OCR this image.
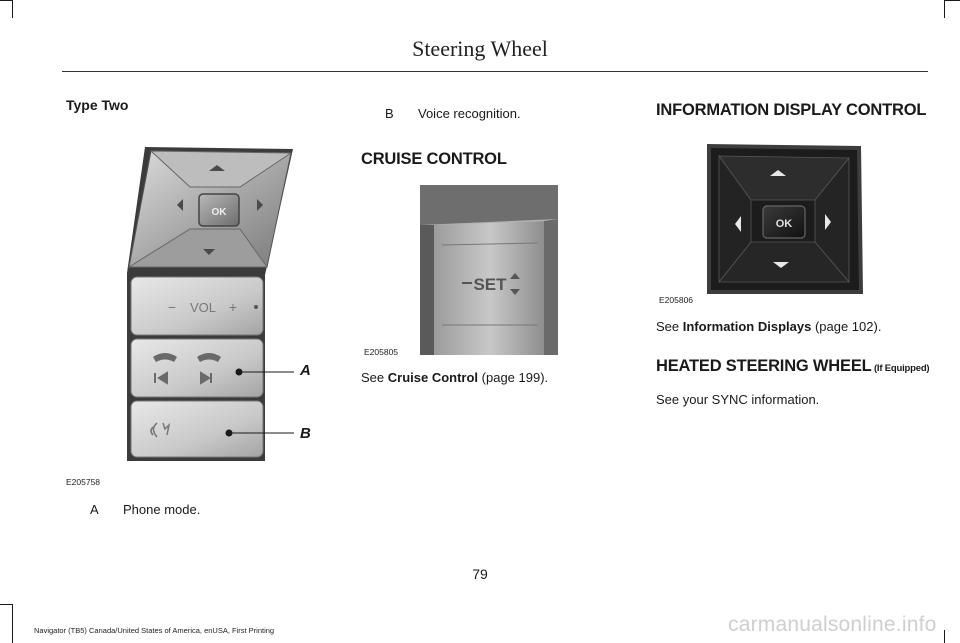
Steering Wheel
Type Two
OK
− VOL +
A
B
E205758
A Phone mode.
B Voice recognition.
CRUISE CONTROL
SET
E205805
See Cruise Control (page 199).
INFORMATION DISPLAY CONTROL
OK
E205806
See Information Displays (page 102).
HEATED STEERING WHEEL (If Equipped)
See your SYNC information.
79
Navigator (TB5) Canada/United States of America, enUSA, First Printing	carmanualsonline.info
